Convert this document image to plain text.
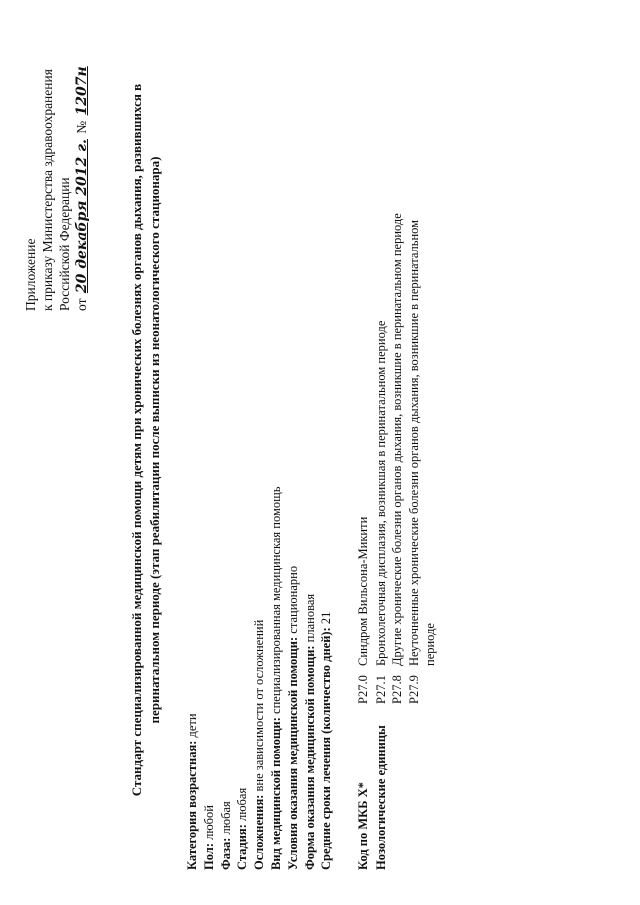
Приложение к приказу Министерства здравоохранения Российской Федерации от 20 декабря 2012 г. № 1207н	Стандарт специализированной медицинской помощи детям при хронических болезнях органов дыхания, развившихся в перинатальном периоде (этап реабилитации после выписки из неонатологического стационара)
Категория возрастная: дети
Пол: любой
Фаза: любая
Стадия: любая Осложнения: вне зависимости от осложнений Вид медицинской помощи: специализированная медицинская помощь
Условия оказания медицинской помощи: стационарно
Форма оказания медицинской помощи: плановая
Средние сроки лечения (количество дней): 21
Код по МКБ X*P27.0Синдром Вильсона-Микити
Нозологические единицыP27.1Бронхолегочная дисплазия, возникшая в перинатальном периоде
P27.8Другие хронические болезни органов дыхания, возникшие в перинатальном периоде
P27.9Неуточненные хронические болезни органов дыхания, возникшие в перинатальном периоде
